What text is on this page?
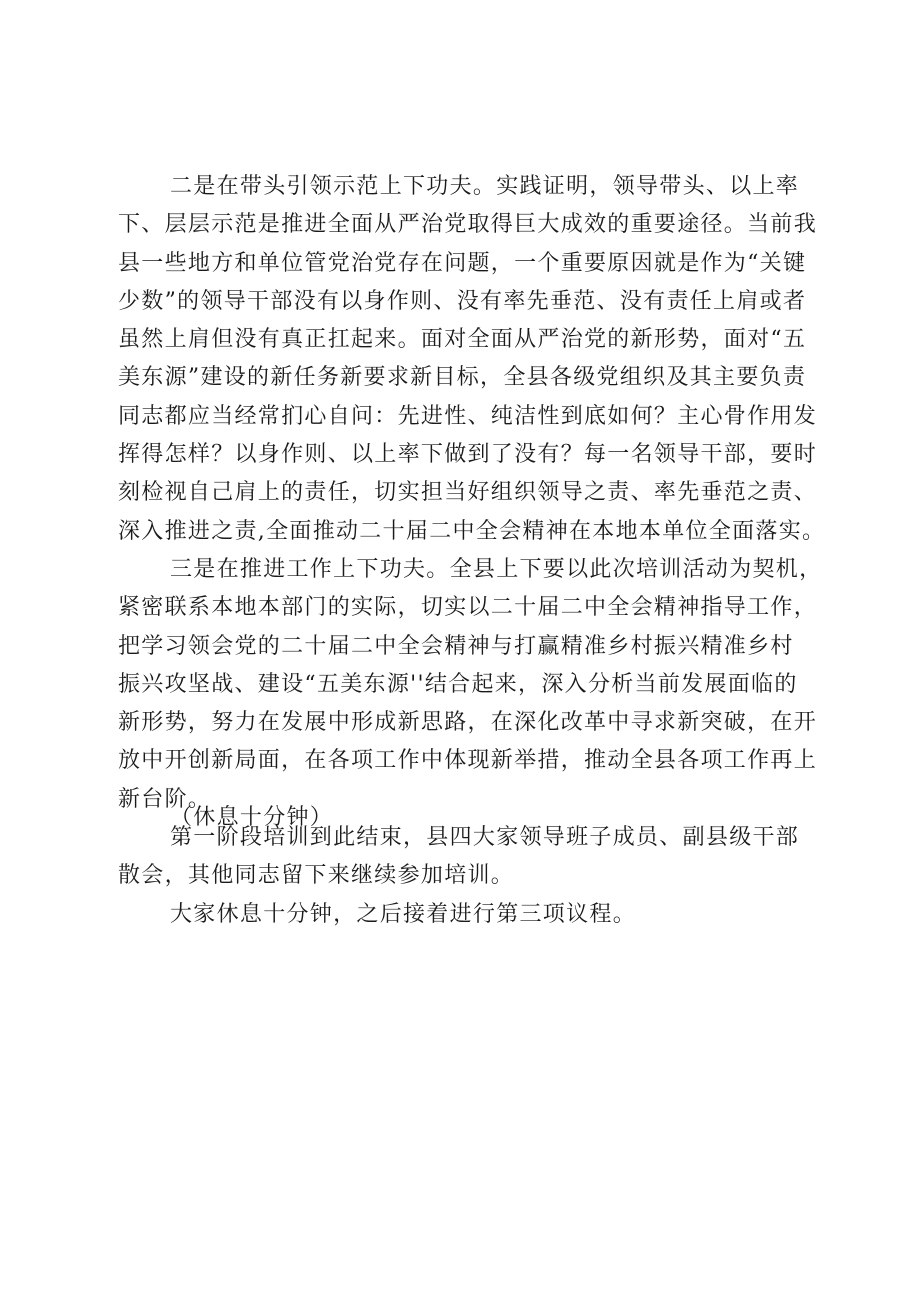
二是在带头引领示范上下功夫。实践证明，领导带头、以上率
下、层层示范是推进全面从严治党取得巨大成效的重要途径。当前我
县一些地方和单位管党治党存在问题，一个重要原因就是作为“关键
少数”的领导干部没有以身作则、没有率先垂范、没有责任上肩或者
虽然上肩但没有真正扛起来。面对全面从严治党的新形势，面对“五
美东源”建设的新任务新要求新目标，全县各级党组织及其主要负责
同志都应当经常扪心自问：先进性、纯洁性到底如何？主心骨作用发
挥得怎样？以身作则、以上率下做到了没有？每一名领导干部，要时
刻检视自己肩上的责任，切实担当好组织领导之责、率先垂范之责、
深入推进之责,全面推动二十届二中全会精神在本地本单位全面落实。
三是在推进工作上下功夫。全县上下要以此次培训活动为契机，
紧密联系本地本部门的实际，切实以二十届二中全会精神指导工作，
把学习领会党的二十届二中全会精神与打赢精准乡村振兴精准乡村
振兴攻坚战、建设“五美东源''结合起来，深入分析当前发展面临的
新形势，努力在发展中形成新思路，在深化改革中寻求新突破，在开
放中开创新局面，在各项工作中体现新举措，推动全县各项工作再上
新台阶。
第一阶段培训到此结束，县四大家领导班子成员、副县级干部
散会，其他同志留下来继续参加培训。
大家休息十分钟，之后接着进行第三项议程。
（休息十分钟）
